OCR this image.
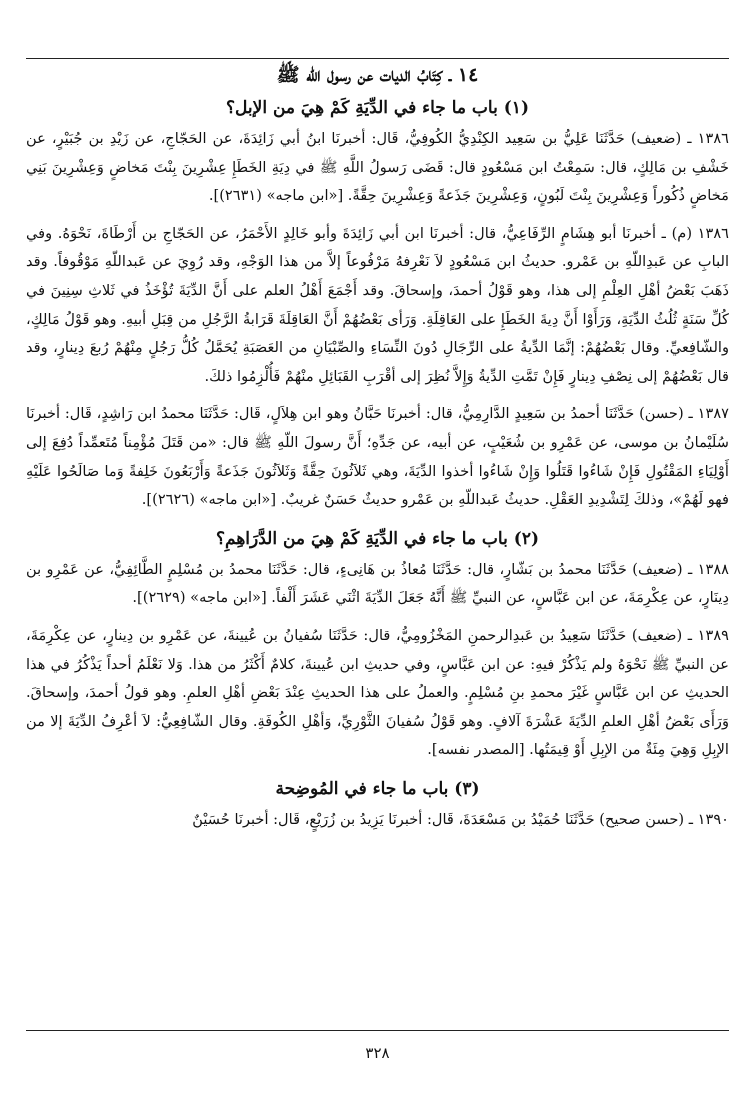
١٤ ـ كِتَابُ الديات عن رسول اللّه ﷺ
(١) باب ما جاء في الدِّيَةِ كَمْ هِيَ من الإبل؟

١٣٨٦ ـ (ضعيف) حَدَّثَنَا عَلِيُّ بن سَعِيد الكِنْدِيُّ الكُوفِيُّ، قَال: أخبرنَا ابنُ أبي زَائِدَةَ، عن الحَجّاجِ، عن زَيْدِ بن جُبَيْرٍ، عن خَشْفِ بن مَالِكٍ، قال: سَمِعْتُ ابن مَسْعُودٍ قال: قَضَى رَسولُ اللَّهِ ﷺ في دِيَةِ الخَطَإِ عِشْرِينَ بِنْتَ مَخاضٍ وَعِشْرِينَ بَنِي مَخاضٍ ذُكُوراً وَعِشْرِينَ بِنْتَ لَبُونٍ، وَعِشْرِينَ جَذَعةً وَعِشْرِينَ حِقَّةً. [«ابن ماجه» (٢٦٣١)].

١٣٨٦ (م) ـ أخبرنَا أبو هِشَامٍ الرِّفَاعِيُّ، قال: أخبرنَا ابن أبي زَائِدَةَ وأبو خَالِدٍ الأَحْمَرُ، عن الحَجّاجِ بن أَرْطَاةَ، نَحْوَهُ. وفي البابِ عن عَبدِاللّهِ بن عَمْرو. حديثُ ابن مَسْعُودٍ لاَ نَعْرِفهُ مَرْفُوعاً إلاَّ من هذا الوَجْهِ، وقد رُوِيَ عن عَبداللّهِ مَوْقُوفاً. وقد ذَهَبَ بَعْضُ أهْلِ العِلْمِ إلى هذا، وهو قَوْلُ أحمدَ، وإسحاقَ. وقد أَجْمَعَ أَهْلُ العلم على أَنَّ الدِّيَةَ تُؤْخَذُ في ثَلاثِ سِنِينَ في كُلِّ سَنَةٍ ثُلُثُ الدِّيَةِ، وَرَأَوْا أَنَّ دِيةَ الخَطَإِ على العَاقِلَةِ. وَرَأى بَعْضُهُمْ أَنَّ العَاقِلَةَ قَرَابةُ الرَّجُلِ من قِبَلِ أبيهِ. وهو قَوْلُ مَالِكٍ، والشّافِعيِّ. وقال بَعْضُهُمْ: إنَّمَا الدِّيةُ على الرِّجَالِ دُونَ النِّسَاءِ والصِّبْيَانِ من العَصَبَةِ يُحَمَّلُ كُلُّ رَجُلٍ مِنْهُمْ رُبعَ دِينارٍ، وقد قال بَعْضُهُمْ إلى نِصْفِ دِينارٍ فَإِنْ تَمَّتِ الدِّيةُ وَإِلاَّ نُظِرَ إلى أقْرَبِ القَبَائِلِ منْهُمْ فَأُلْزِمُوا ذلكَ.

١٣٨٧ ـ (حسن) حَدَّثَنَا أحمدُ بن سَعِيدٍ الدَّارِمِيُّ، قال: أخبرنَا حَبَّانُ وهو ابن هِلاَلٍ، قَال: حَدَّثَنَا محمدُ ابن رَاشِدٍ، قَال: أخبرنَا سُلَيْمانُ بن موسى، عن عَمْرِو بن شُعَيْبٍ، عن أبيه، عن جَدِّهِ؛ أَنَّ رسولَ اللّهِ ﷺ قال: «من قَتَلَ مُؤْمِناً مُتَعمِّداً دُفِعَ إلى أَوْلِيَاءِ المَقْتُولِ فَإِنْ شَاءُوا قَتَلُوا وَإِنْ شَاءُوا أخذوا الدِّيَةَ، وهي ثَلاَثُونَ حِقَّةً وَثَلاَثُونَ جَذَعةً وَأَرْبَعُونَ خَلِفةً وَما صَالَحُوا عَلَيْهِ فهو لَهُمْ»، وذلكَ لِتَشْدِيدِ العَقْلِ. حديثُ عَبداللّهِ بن عَمْرو حديثٌ حَسَنٌ غريبٌ. [«ابن ماجه» (٢٦٢٦)].

(٢) باب ما جاء في الدِّيَةِ كَمْ هِيَ من الدَّرَاهِمِ؟

١٣٨٨ ـ (ضعيف) حَدَّثَنَا محمدُ بن بَشّارٍ، قال: حَدَّثَنَا مُعاذُ بن هَانِىءٍ، قال: حَدَّثَنَا محمدُ بن مُسْلِمٍ الطَّائِفِيُّ، عن عَمْرِو بن دِينَارٍ، عن عِكْرِمَةَ، عن ابن عَبَّاسٍ، عن النبيِّ ﷺ أَنَّهُ جَعَلَ الدِّيَةَ اثْنَي عَشَرَ أَلْفاً. [«ابن ماجه» (٢٦٢٩)].

١٣٨٩ ـ (ضعيف) حَدَّثَنَا سَعِيدُ بن عَبدِالرحمنِ المَخْزُومِيُّ، قال: حَدَّثَنَا سُفيانُ بن عُيينةَ، عن عَمْرِو بن دِينارٍ، عن عِكْرِمَةَ، عن النبيِّ ﷺ نَحْوَهُ ولم يَذْكُرْ فيهِ: عن ابن عَبَّاسٍ، وفي حديثِ ابن عُيينةَ، كلامٌ أَكْثَرُ من هذا. وَلا نَعْلَمُ أحداً يَذْكُرُ في هذا الحديثِ عن ابن عَبَّاسٍ غَيْرَ محمدِ بنِ مُسْلِمٍ. والعملُ على هذا الحديثِ عِنْدَ بَعْضِ أهْلِ العلمِ. وهو قولُ أحمدَ، وإسحاقَ. وَرَأَى بَعْضُ أهْلِ العلمِ الدِّيَةَ عَشْرَةَ آلافٍ. وهو قَوْلُ سُفيانَ الثَّوْرِيِّ، وَأهْلِ الكُوفَةِ. وقال الشّافِعِيُّ: لاَ أعْرِفُ الدِّيَةَ إلا من الإبِلِ وَهِيَ مِئَةٌ من الإبِلِ أَوْ قِيمَتُها. [المصدر نفسه].

(٣) باب ما جاء في المُوضِحة

١٣٩٠ ـ (حسن صحيح) حَدَّثَنَا حُمَيْدُ بن مَسْعَدَةَ، قَال: أخبرنَا يَزِيدُ بن زُرَيْعٍ، قَال: أخبرنَا حُسَيْنٌ

٣٢٨
